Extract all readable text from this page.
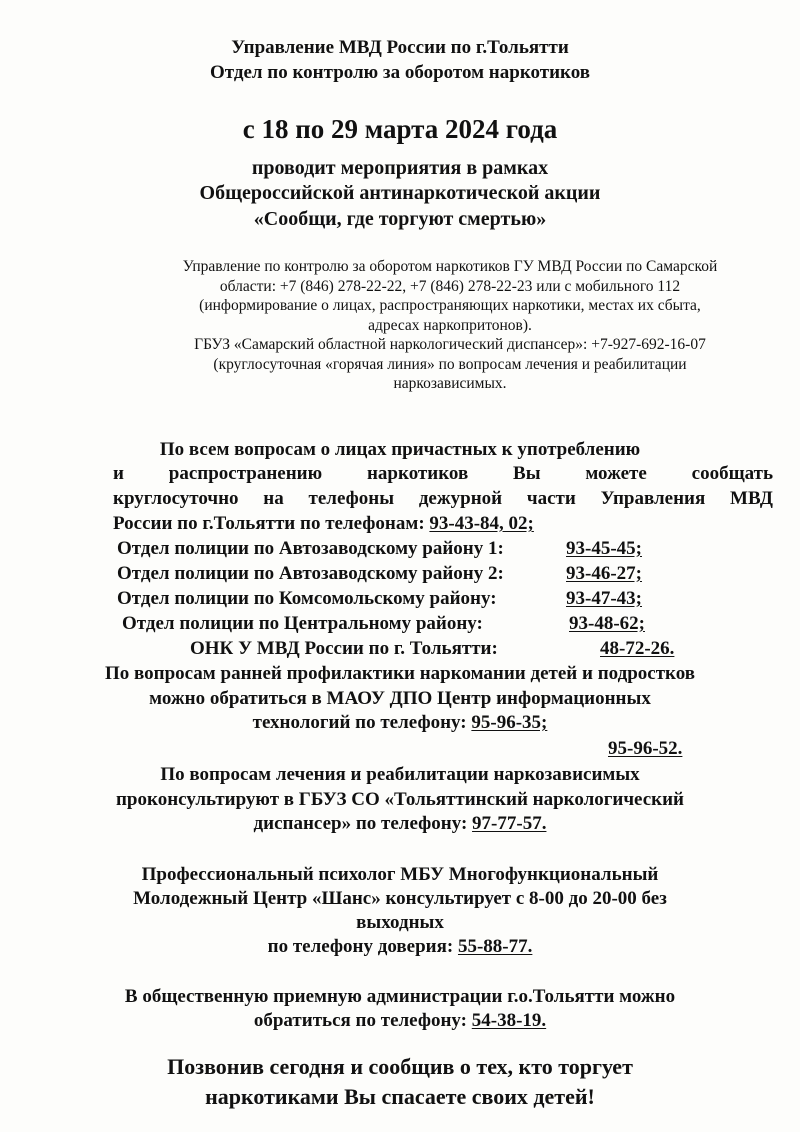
Управление МВД России по г.Тольятти
Отдел по контролю за оборотом наркотиков
с 18 по 29 марта 2024 года
проводит мероприятия в рамках
Общероссийской антинаркотической акции
«Сообщи, где торгуют смертью»
Управление по контролю за оборотом наркотиков ГУ МВД России по Самарской
области: +7 (846) 278-22-22, +7 (846) 278-22-23 или с мобильного 112
(информирование о лицах, распространяющих наркотики, местах их сбыта,
адресах наркопритонов).
ГБУЗ «Самарский областной наркологический диспансер»: +7-927-692-16-07
(круглосуточная «горячая линия» по вопросам лечения и реабилитации
наркозависимых.
По всем вопросам о лицах причастных к употреблению
и распространению наркотиков Вы можете сообщать
круглосуточно на телефоны дежурной части Управления МВД
России по г.Тольятти по телефонам: 93-43-84, 02;
Отдел полиции по Автозаводскому району 1:	93-45-45;
Отдел полиции по Автозаводскому району 2:	93-46-27;
Отдел полиции по Комсомольскому району:	93-47-43;
Отдел полиции по Центральному району:	93-48-62;
ОНК У МВД России по г. Тольятти:	48-72-26.
По вопросам ранней профилактики наркомании детей и подростков
можно обратиться в МАОУ ДПО Центр информационных
технологий по телефону: 95-96-35;
95-96-52.
По вопросам лечения и реабилитации наркозависимых
проконсультируют в ГБУЗ СО «Тольяттинский наркологический
диспансер» по телефону: 97-77-57.
Профессиональный психолог МБУ Многофункциональный
Молодежный Центр «Шанс» консультирует с 8-00 до 20-00 без
выходных
по телефону доверия: 55-88-77.
В общественную приемную администрации г.о.Тольятти можно
обратиться по телефону: 54-38-19.
Позвонив сегодня и сообщив о тех, кто торгует
наркотиками Вы спасаете своих детей!
